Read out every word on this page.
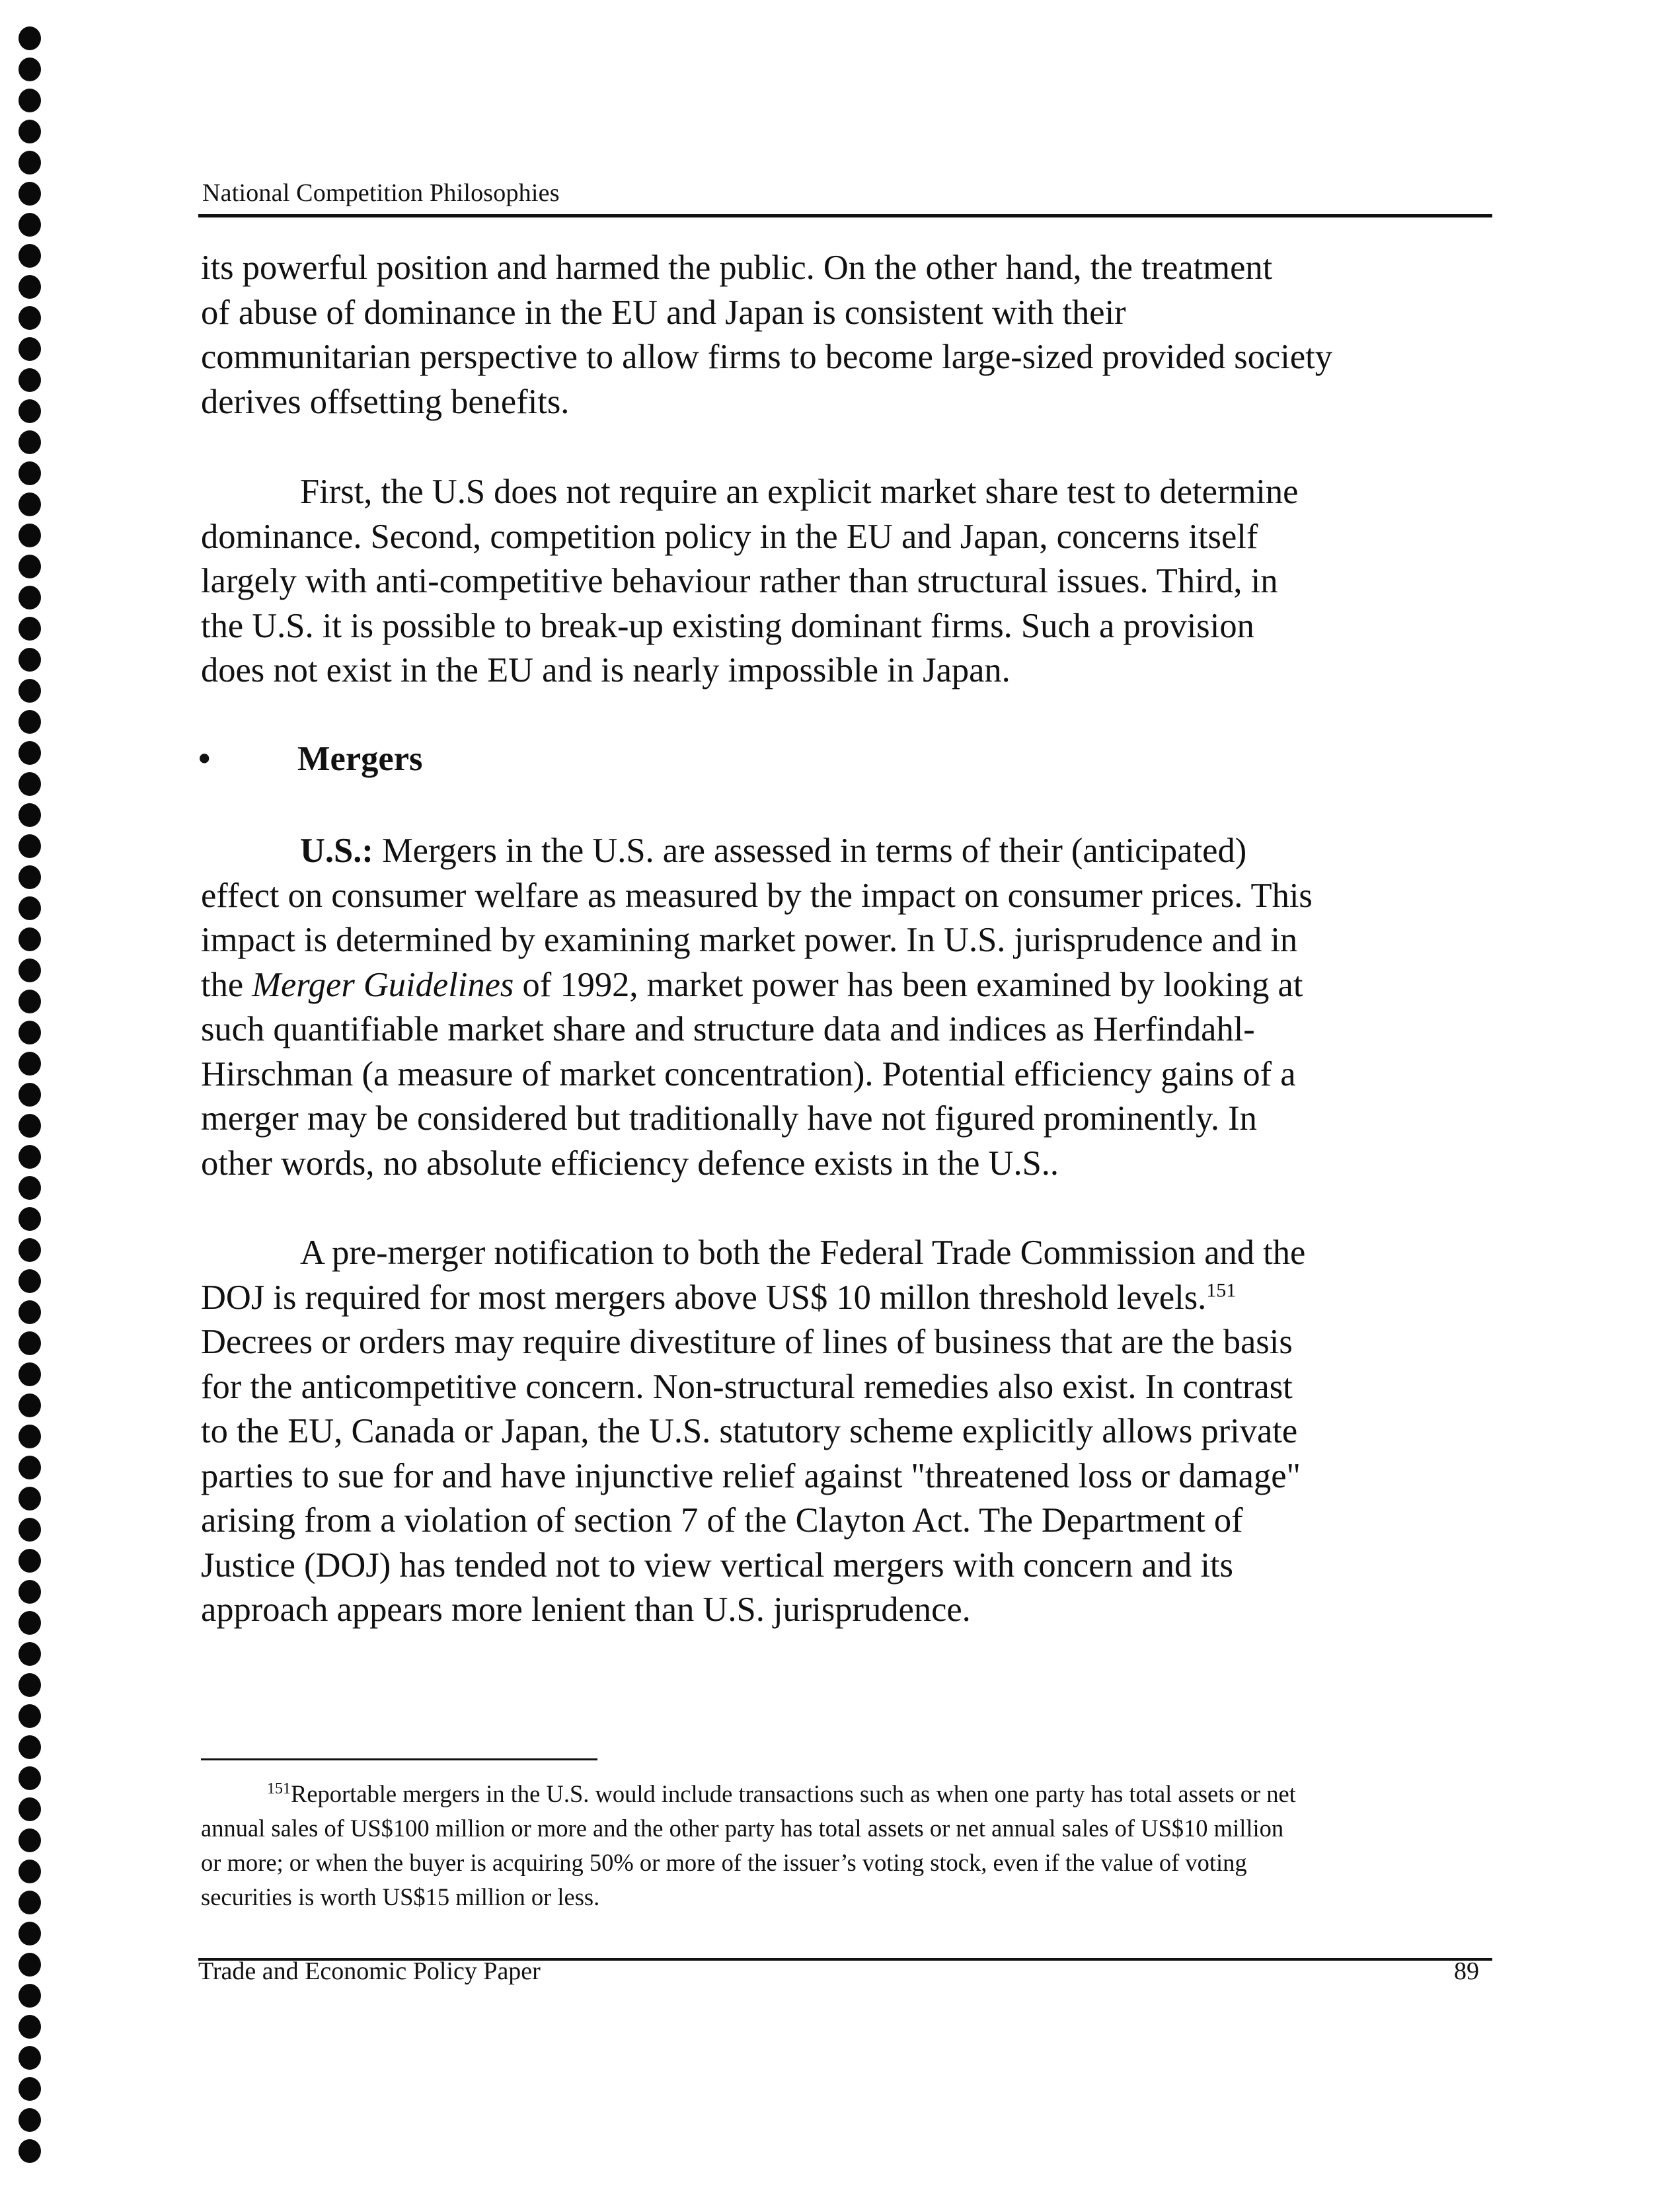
National Competition Philosophies
its powerful position and harmed the public. On the other hand, the treatment
of abuse of dominance in the EU and Japan is consistent with their
communitarian perspective to allow firms to become large-sized provided society
derives offsetting benefits.
First, the U.S does not require an explicit market share test to determine
dominance. Second, competition policy in the EU and Japan, concerns itself
largely with anti-competitive behaviour rather than structural issues. Third, in
the U.S. it is possible to break-up existing dominant firms. Such a provision
does not exist in the EU and is nearly impossible in Japan.
•	Mergers
U.S.: Mergers in the U.S. are assessed in terms of their (anticipated)
effect on consumer welfare as measured by the impact on consumer prices. This
impact is determined by examining market power. In U.S. jurisprudence and in
the Merger Guidelines of 1992, market power has been examined by looking at
such quantifiable market share and structure data and indices as Herfindahl-
Hirschman (a measure of market concentration). Potential efficiency gains of a
merger may be considered but traditionally have not figured prominently. In
other words, no absolute efficiency defence exists in the U.S..
A pre-merger notification to both the Federal Trade Commission and the
DOJ is required for most mergers above US$ 10 millon threshold levels.$^{151}$
Decrees or orders may require divestiture of lines of business that are the basis
for the anticompetitive concern. Non-structural remedies also exist. In contrast
to the EU, Canada or Japan, the U.S. statutory scheme explicitly allows private
parties to sue for and have injunctive relief against "threatened loss or damage"
arising from a violation of section 7 of the Clayton Act. The Department of
Justice (DOJ) has tended not to view vertical mergers with concern and its
approach appears more lenient than U.S. jurisprudence.
$^{151}$Reportable mergers in the U.S. would include transactions such as when one party has total assets or net
annual sales of US$100 million or more and the other party has total assets or net annual sales of US$10 million
or more; or when the buyer is acquiring 50% or more of the issuer’s voting stock, even if the value of voting
securities is worth US$15 million or less.
Trade and Economic Policy Paper	89
